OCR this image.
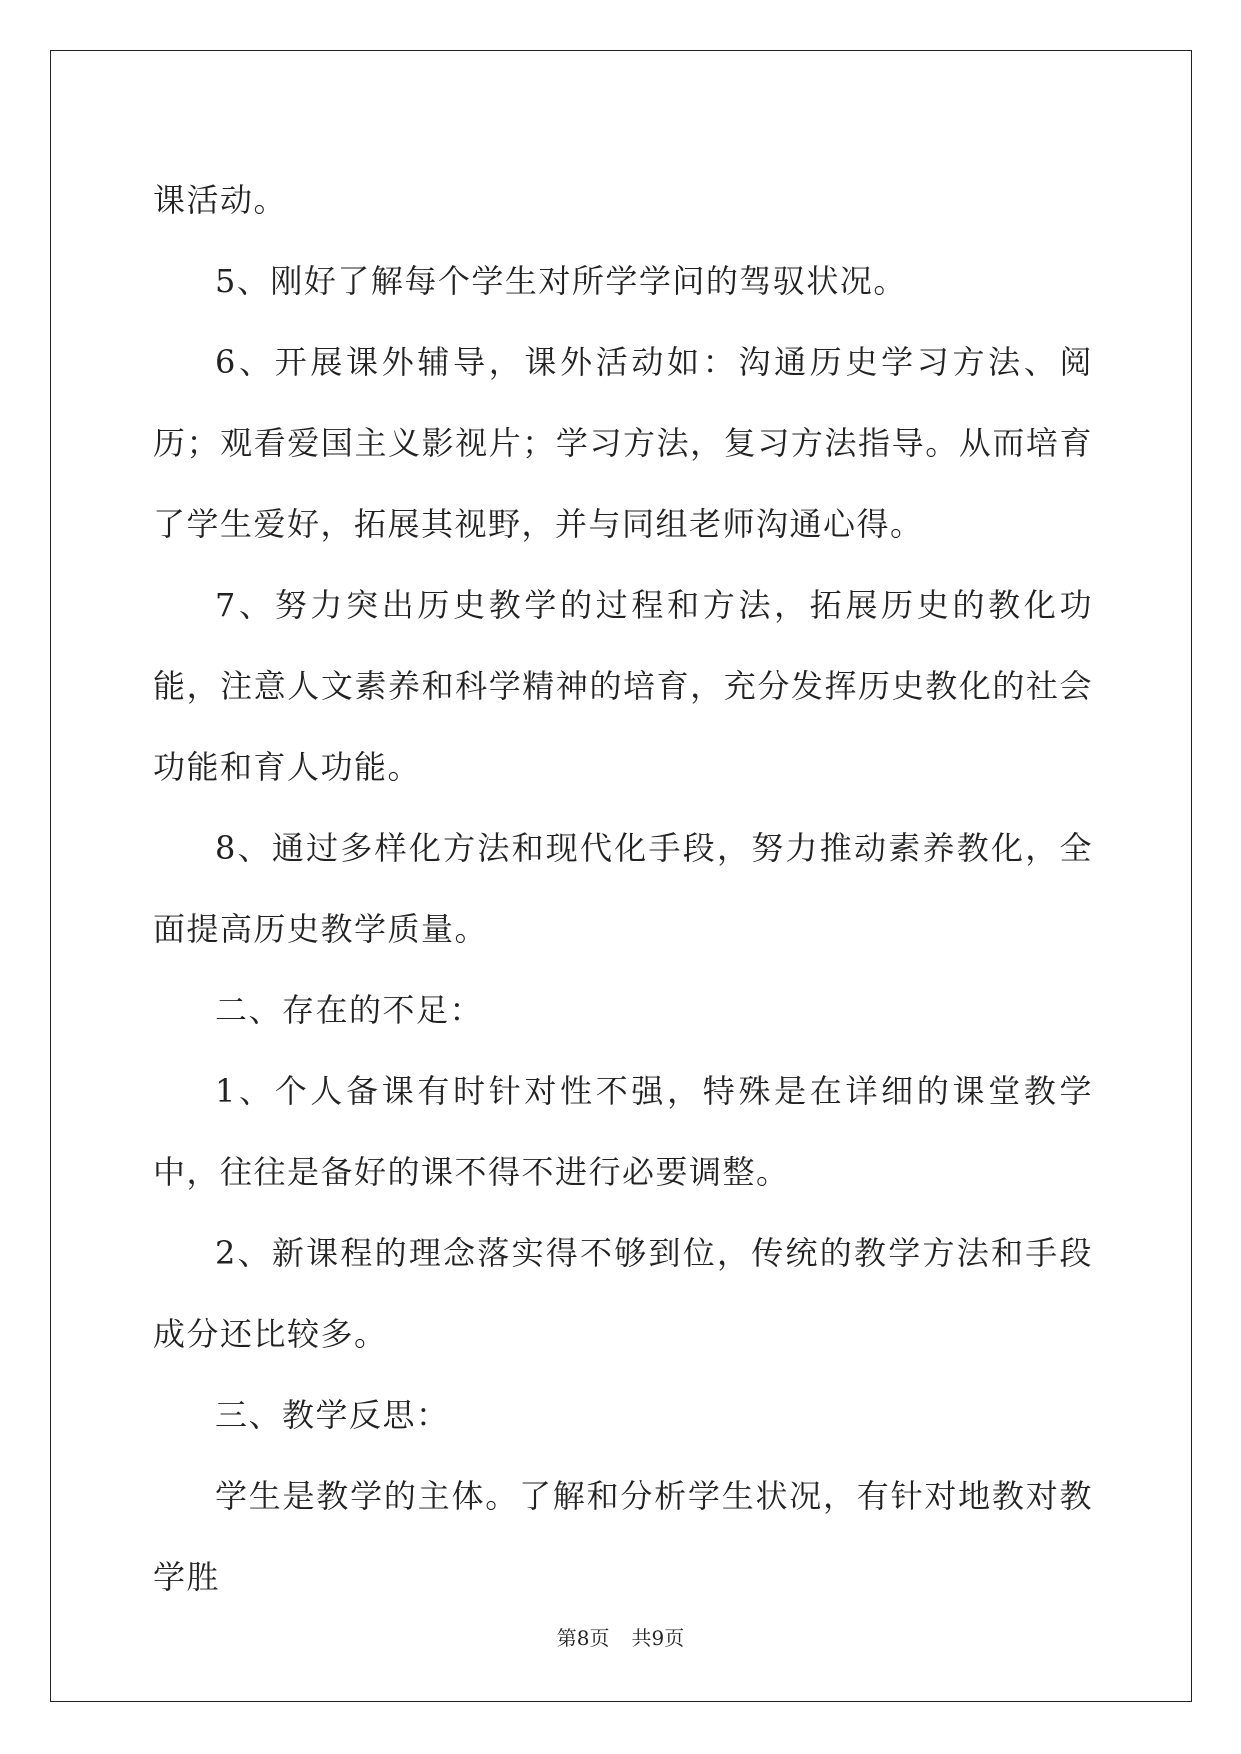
课活动。

5、刚好了解每个学生对所学学问的驾驭状况。

6、开展课外辅导，课外活动如：沟通历史学习方法、阅历；观看爱国主义影视片；学习方法，复习方法指导。从而培育了学生爱好，拓展其视野，并与同组老师沟通心得。

7、努力突出历史教学的过程和方法，拓展历史的教化功能，注意人文素养和科学精神的培育，充分发挥历史教化的社会功能和育人功能。

8、通过多样化方法和现代化手段，努力推动素养教化，全面提高历史教学质量。

二、存在的不足：

1、个人备课有时针对性不强，特殊是在详细的课堂教学中，往往是备好的课不得不进行必要调整。

2、新课程的理念落实得不够到位，传统的教学方法和手段成分还比较多。

三、教学反思：

学生是教学的主体。了解和分析学生状况，有针对地教对教学胜

第8页 共9页
